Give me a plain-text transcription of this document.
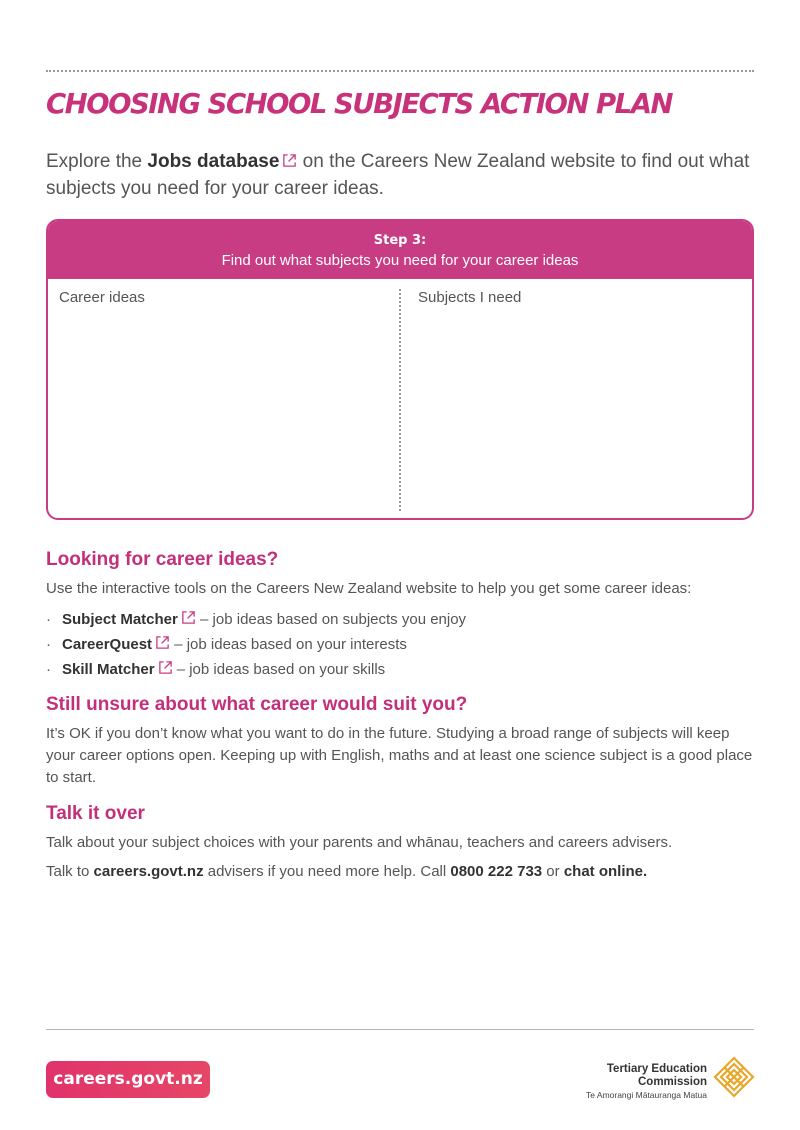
CHOOSING SCHOOL SUBJECTS ACTION PLAN

Explore the Jobs database on the Careers New Zealand website to find out what subjects you need for your career ideas.

Step 3:
Find out what subjects you need for your career ideas
Career ideas	Subjects I need
Looking for career ideas?

Use the interactive tools on the Careers New Zealand website to help you get some career ideas:

· Subject Matcher – job ideas based on subjects you enjoy
· CareerQuest – job ideas based on your interests
· Skill Matcher – job ideas based on your skills
Still unsure about what career would suit you?

It’s OK if you don’t know what you want to do in the future. Studying a broad range of subjects will keep your career options open. Keeping up with English, maths and at least one science subject is a good place to start.

Talk it over

Talk about your subject choices with your parents and whānau, teachers and careers advisers.

Talk to careers.govt.nz advisers if you need more help. Call 0800 222 733 or chat online.

careers.govt.nz	Tertiary Education
Commission
Te Amorangi Mātauranga Matua
